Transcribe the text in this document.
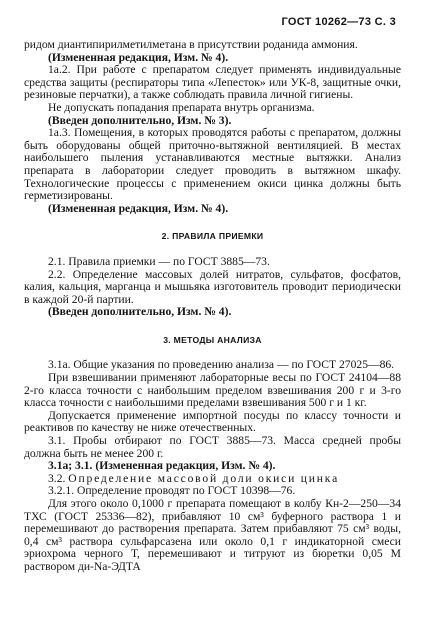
ГОСТ 10262—73 С. 3

ридом диантипирилметилметана в присутствии роданида аммония.

(Измененная редакция, Изм. № 4).

1а.2. При работе с препаратом следует применять индивидуальные средства защиты (респираторы типа «Лепесток» или УК-8, защитные очки, резиновые перчатки), а также соблюдать правила личной гигиены.

Не допускать попадания препарата внутрь организма.

(Введен дополнительно, Изм. № 3).

1а.3. Помещения, в которых проводятся работы с препаратом, должны быть оборудованы общей приточно-вытяжной вентиляцией. В местах наибольшего пыления устанавливаются местные вытяжки. Анализ препарата в лаборатории следует проводить в вытяжном шкафу. Технологические процессы с применением окиси цинка должны быть герметизированы.

(Измененная редакция, Изм. № 4).

2. ПРАВИЛА ПРИЕМКИ

2.1. Правила приемки — по ГОСТ 3885—73.

2.2. Определение массовых долей нитратов, сульфатов, фосфатов, калия, кальция, марганца и мышьяка изготовитель проводит периодически в каждой 20-й партии.

(Введен дополнительно, Изм. № 4).

3. МЕТОДЫ АНАЛИЗА

3.1а. Общие указания по проведению анализа — по ГОСТ 27025—86.

При взвешивании применяют лабораторные весы по ГОСТ 24104—88 2-го класса точности с наибольшим пределом взвешивания 200 г и 3-го класса точности с наибольшими пределами взвешивания 500 г и 1 кг.

Допускается применение импортной посуды по классу точности и реактивов по качеству не ниже отечественных.

3.1. Пробы отбирают по ГОСТ 3885—73. Масса средней пробы должна быть не менее 200 г.

3.1а; 3.1. (Измененная редакция, Изм. № 4).

3.2. Определение массовой доли окиси цинка

3.2.1. Определение проводят по ГОСТ 10398—76.

Для этого около 0,1000 г препарата помещают в колбу Кн-2—250—34 ТХС (ГОСТ 25336—82), прибавляют 10 см³ буферного раствора 1 и перемешивают до растворения препарата. Затем прибавляют 75 см³ воды, 0,4 см³ раствора сульфарсазена или около 0,1 г индикаторной смеси эриохрома черного Т, перемешивают и титруют из бюретки 0,05 М раствором ди-Na-ЭДТА
